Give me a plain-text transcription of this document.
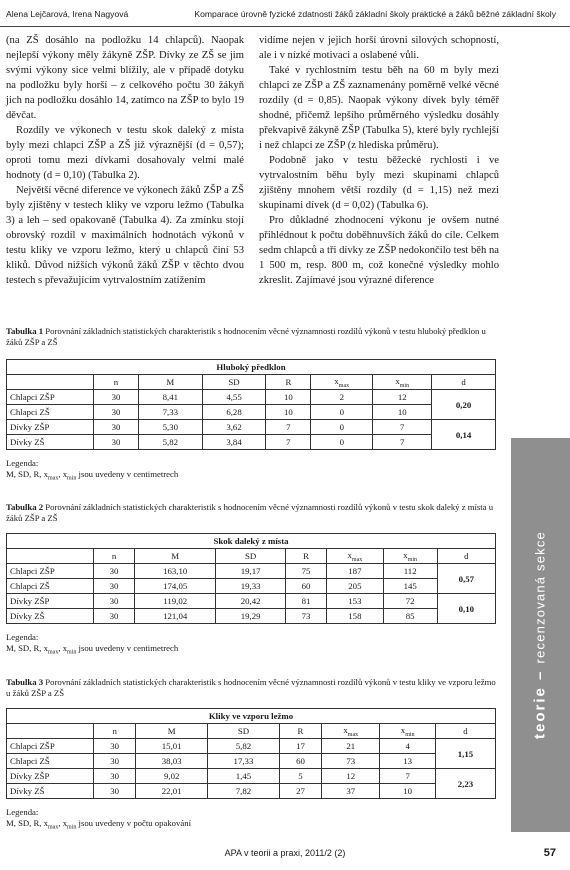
Alena Lejčarová, Irena Nagyová	Komparace úrovně fyzické zdatnosti žáků základní školy praktické a žáků běžné základní školy

(na ZŠ dosáhlo na podložku 14 chlapců). Naopak nejlepší výkony měly žákyně ZŠP. Dívky ze ZŠ se jim svými výkony sice velmi blížily, ale v případě dotyku na podložku byly horší – z celkového počtu 30 žákyň jich na podložku dosáhlo 14, zatímco na ZŠP to bylo 19 děvčat.

Rozdíly ve výkonech v testu skok daleký z místa byly mezi chlapci ZŠP a ZŠ již výraznější (d = 0,57); oproti tomu mezi dívkami dosahovaly velmi malé hodnoty (d = 0,10) (Tabulka 2).

Největší věcné diference ve výkonech žáků ZŠP a ZŠ byly zjištěny v testech kliky ve vzporu ležmo (Tabulka 3) a leh – sed opakovaně (Tabulka 4). Za zmínku stojí obrovský rozdíl v maximálních hodnotách výkonů v testu kliky ve vzporu ležmo, který u chlapců činí 53 kliků. Důvod nižších výkonů žáků ZŠP v těchto dvou testech s převažujícím vytrvalostním zatížením

vidíme nejen v jejich horší úrovni silových schopností, ale i v nízké motivaci a oslabené vůli.

Také v rychlostním testu běh na 60 m byly mezi chlapci ze ZŠP a ZŠ zaznamenány poměrně velké věcné rozdíly (d = 0,85). Naopak výkony dívek byly téměř shodné, přičemž lepšího průměrného výsledku dosáhly překvapivě žákyně ZŠP (Tabulka 5), které byly rychlejší i než chlapci ze ZŠP (z hlediska průměru).

Podobně jako v testu běžecké rychlosti i ve vytrvalostním běhu byly mezi skupinami chlapců zjištěny mnohem větší rozdíly (d = 1,15) než mezi skupinami dívek (d = 0,02) (Tabulka 6).

Pro důkladné zhodnocení výkonu je ovšem nutné přihlédnout k počtu doběhnuvších žáků do cíle. Celkem sedm chlapců a tři dívky ze ZŠP nedokončilo test běh na 1 500 m, resp. 800 m, což konečné výsledky mohlo zkreslit. Zajímavé jsou výrazné diference

Tabulka 1 Porovnání základních statistických charakteristik s hodnocením věcné významnosti rozdílů výkonů v testu hluboký předklon u žáků ZŠP a ZŠ
Hluboký předklon							
	n	M	SD	R	$x_{max}$	$x_{min}$	d
Chlapci ZŠP	30	8,41	4,55	10	2	12	0,20
Chlapci ZŠ	30	7,33	6,28	10	0	10	
Dívky ZŠP	30	5,30	3,62	7	0	7	0,14
Dívky ZŠ	30	5,82	3,84	7	0	7	
Legenda:
M, SD, R, $x_{max}$, $x_{min}$ jsou uvedeny v centimetrech
Tabulka 2 Porovnání základních statistických charakteristik s hodnocením věcné významnosti rozdílů výkonů v testu skok daleký z místa u žáků ZŠP a ZŠ
Skok daleký z místa							
	n	M	SD	R	$x_{max}$	$x_{min}$	d
Chlapci ZŠP	30	163,10	19,17	75	187	112	0,57
Chlapci ZŠ	30	174,05	19,33	60	205	145	
Dívky ZŠP	30	119,02	20,42	81	153	72	0,10
Dívky ZŠ	30	121,04	19,29	73	158	85	
Legenda:
M, SD, R, $x_{max}$, $x_{min}$ jsou uvedeny v centimetrech
Tabulka 3 Porovnání základních statistických charakteristik s hodnocením věcné významnosti rozdílů výkonů v testu kliky ve vzporu ležmo u žáků ZŠP a ZŠ
Kliky ve vzporu ležmo							
	n	M	SD	R	$x_{max}$	$x_{min}$	d
Chlapci ZŠP	30	15,01	5,82	17	21	4	1,15
Chlapci ZŠ	30	38,03	17,33	60	73	13	
Dívky ZŠP	30	9,02	1,45	5	12	7	2,23
Dívky ZŠ	30	22,01	7,82	27	37	10	
Legenda:
M, SD, R, $x_{max}$, $x_{min}$ jsou uvedeny v počtu opakování
teorie – recenzovaná sekce
APA v teorii a praxi, 2011/2 (2)	57
